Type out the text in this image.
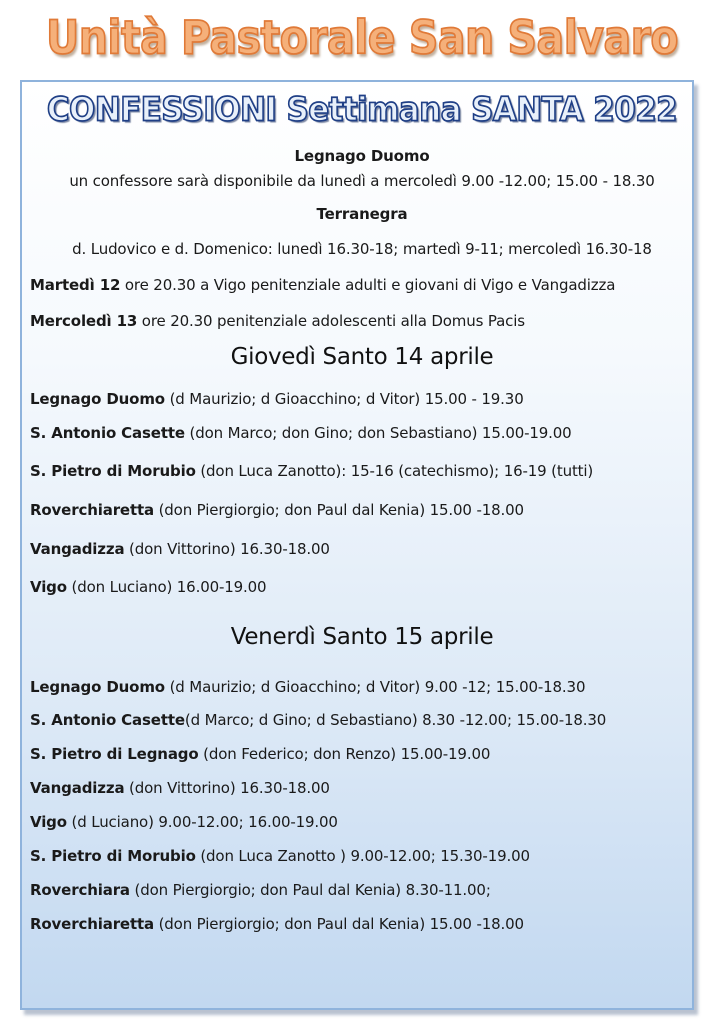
Unità Pastorale San Salvaro
CONFESSIONI Settimana SANTA 2022
Legnago Duomo
un confessore sarà disponibile da lunedì a mercoledì 9.00 -12.00; 15.00 - 18.30
Terranegra
d. Ludovico e d. Domenico: lunedì 16.30-18; martedì 9-11; mercoledì 16.30-18
Martedì 12 ore 20.30 a Vigo penitenziale adulti e giovani di Vigo e Vangadizza
Mercoledì 13 ore 20.30 penitenziale adolescenti alla Domus Pacis
Giovedì Santo 14 aprile
Legnago Duomo (d Maurizio; d Gioacchino; d Vitor) 15.00 - 19.30
S. Antonio Casette (don Marco; don Gino; don Sebastiano) 15.00-19.00
S. Pietro di Morubio (don Luca Zanotto): 15-16 (catechismo); 16-19 (tutti)
Roverchiaretta (don Piergiorgio; don Paul dal Kenia) 15.00 -18.00
Vangadizza (don Vittorino) 16.30-18.00
Vigo (don Luciano) 16.00-19.00
Venerdì Santo 15 aprile
Legnago Duomo (d Maurizio; d Gioacchino; d Vitor) 9.00 -12; 15.00-18.30
S. Antonio Casette(d Marco; d Gino; d Sebastiano) 8.30 -12.00; 15.00-18.30
S. Pietro di Legnago (don Federico; don Renzo) 15.00-19.00
Vangadizza (don Vittorino) 16.30-18.00
Vigo (d Luciano) 9.00-12.00; 16.00-19.00
S. Pietro di Morubio (don Luca Zanotto ) 9.00-12.00; 15.30-19.00
Roverchiara (don Piergiorgio; don Paul dal Kenia) 8.30-11.00;
Roverchiaretta (don Piergiorgio; don Paul dal Kenia) 15.00 -18.00
